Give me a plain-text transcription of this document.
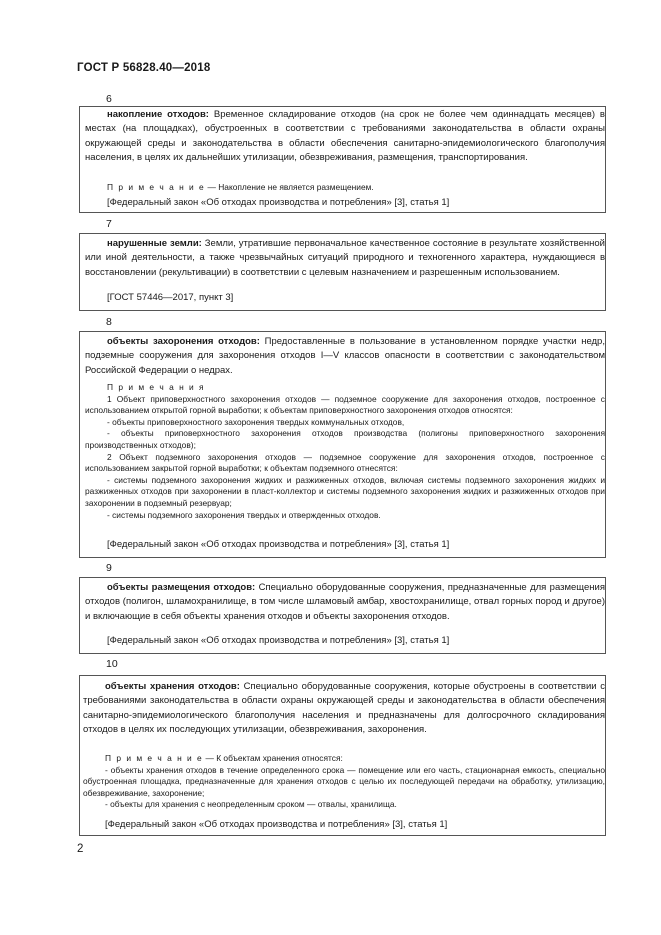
ГОСТ Р 56828.40—2018
6

накопление отходов: Временное складирование отходов (на срок не более чем одиннадцать месяцев) в местах (на площадках), обустроенных в соответствии с требованиями законодательства в области охраны окружающей среды и законодательства в области обеспечения санитарно-эпидемиологического благополучия населения, в целях их дальнейших утилизации, обезвреживания, размещения, транспортирования.

П р и м е ч а н и е — Накопление не является размещением.
[Федеральный закон «Об отходах производства и потребления» [3], статья 1]
7

нарушенные земли: Земли, утратившие первоначальное качественное состояние в результате хозяйственной или иной деятельности, а также чрезвычайных ситуаций природного и техногенного характера, нуждающиеся в восстановлении (рекультивации) в соответствии с целевым назначением и разрешенным использованием.

[ГОСТ 57446—2017, пункт 3]
8

объекты захоронения отходов: Предоставленные в пользование в установленном порядке участки недр, подземные сооружения для захоронения отходов I—V классов опасности в соответствии с законодательством Российской Федерации о недрах.

П р и м е ч а н и я

1 Объект приповерхностного захоронения отходов — подземное сооружение для захоронения отходов, построенное с использованием открытой горной выработки; к объектам приповерхностного захоронения отходов относятся:

- объекты приповерхностного захоронения твердых коммунальных отходов,

- объекты приповерхностного захоронения отходов производства (полигоны приповерхностного захоронения производственных отходов);

2 Объект подземного захоронения отходов — подземное сооружение для захоронения отходов, построенное с использованием закрытой горной выработки; к объектам подземного отнесятся:

- системы подземного захоронения жидких и разжиженных отходов, включая системы подземного захоронения жидких и разжиженных отходов при захоронении в пласт-коллектор и системы подземного захоронения жидких и разжиженных отходов при захоронении в подземный резервуар;

- системы подземного захоронения твердых и отвержденных отходов.

[Федеральный закон «Об отходах производства и потребления» [3], статья 1]
9

объекты размещения отходов: Специально оборудованные сооружения, предназначенные для размещения отходов (полигон, шламохранилище, в том числе шламовый амбар, хвостохранилище, отвал горных пород и другое) и включающие в себя объекты хранения отходов и объекты захоронения отходов.

[Федеральный закон «Об отходах производства и потребления» [3], статья 1]
10

объекты хранения отходов: Специально оборудованные сооружения, которые обустроены в соответствии с требованиями законодательства в области охраны окружающей среды и законодательства в области обеспечения санитарно-эпидемиологического благополучия населения и предназначены для долгосрочного складирования отходов в целях их последующих утилизации, обезвреживания, захоронения.

П р и м е ч а н и е — К объектам хранения относятся:

- объекты хранения отходов в течение определенного срока — помещение или его часть, стационарная емкость, специально обустроенная площадка, предназначенные для хранения отходов с целью их последующей передачи на обработку, утилизацию, обезвреживание, захоронение;

- объекты для хранения с неопределенным сроком — отвалы, хранилища.

[Федеральный закон «Об отходах производства и потребления» [3], статья 1]
2
